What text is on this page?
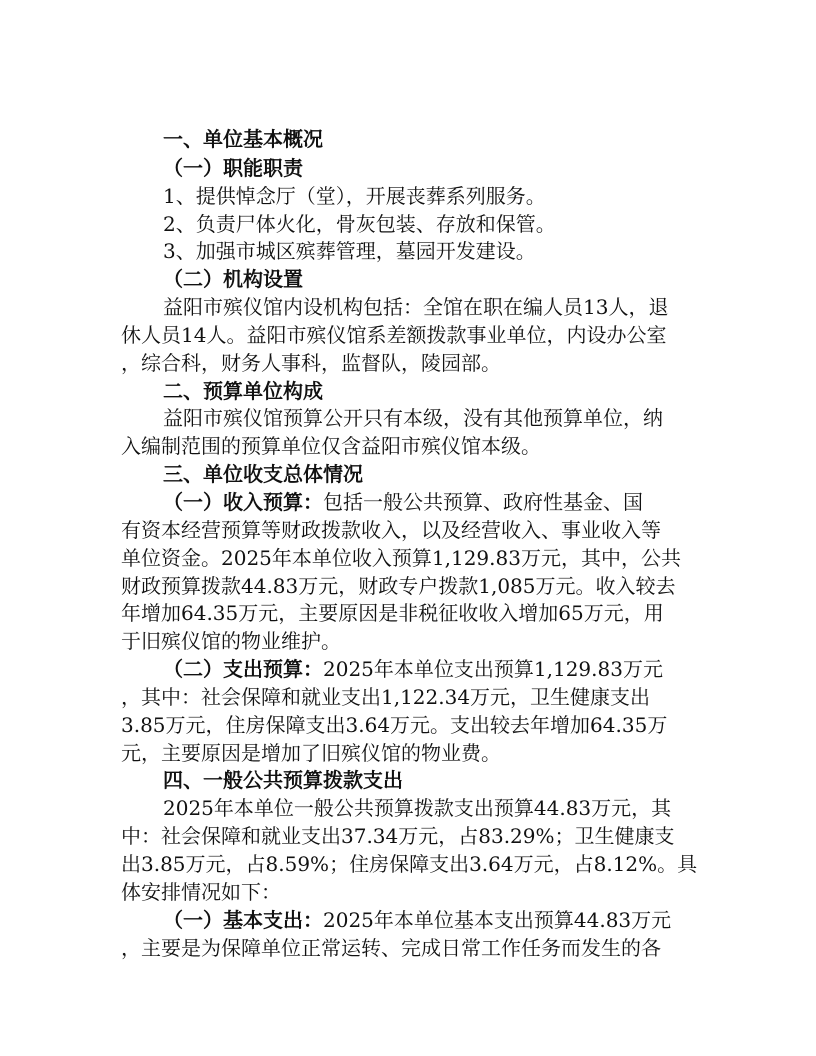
一、单位基本概况
（一）职能职责
1、提供悼念厅（堂），开展丧葬系列服务。
2、负责尸体火化，骨灰包装、存放和保管。
3、加强市城区殡葬管理，墓园开发建设。
（二）机构设置
益阳市殡仪馆内设机构包括：全馆在职在编人员13人，退
休人员14人。益阳市殡仪馆系差额拨款事业单位，内设办公室
，综合科，财务人事科，监督队，陵园部。
二、预算单位构成
益阳市殡仪馆预算公开只有本级，没有其他预算单位，纳
入编制范围的预算单位仅含益阳市殡仪馆本级。
三、单位收支总体情况
（一）收入预算：包括一般公共预算、政府性基金、国
有资本经营预算等财政拨款收入，以及经营收入、事业收入等
单位资金。2025年本单位收入预算1,129.83万元，其中，公共
财政预算拨款44.83万元，财政专户拨款1,085万元。收入较去
年增加64.35万元，主要原因是非税征收收入增加65万元，用
于旧殡仪馆的物业维护。
（二）支出预算：2025年本单位支出预算1,129.83万元
，其中：社会保障和就业支出1,122.34万元，卫生健康支出
3.85万元，住房保障支出3.64万元。支出较去年增加64.35万
元，主要原因是增加了旧殡仪馆的物业费。
四、一般公共预算拨款支出
2025年本单位一般公共预算拨款支出预算44.83万元，其
中：社会保障和就业支出37.34万元，占83.29%；卫生健康支
出3.85万元，占8.59%；住房保障支出3.64万元，占8.12%。具
体安排情况如下：
（一）基本支出：2025年本单位基本支出预算44.83万元
，主要是为保障单位正常运转、完成日常工作任务而发生的各
